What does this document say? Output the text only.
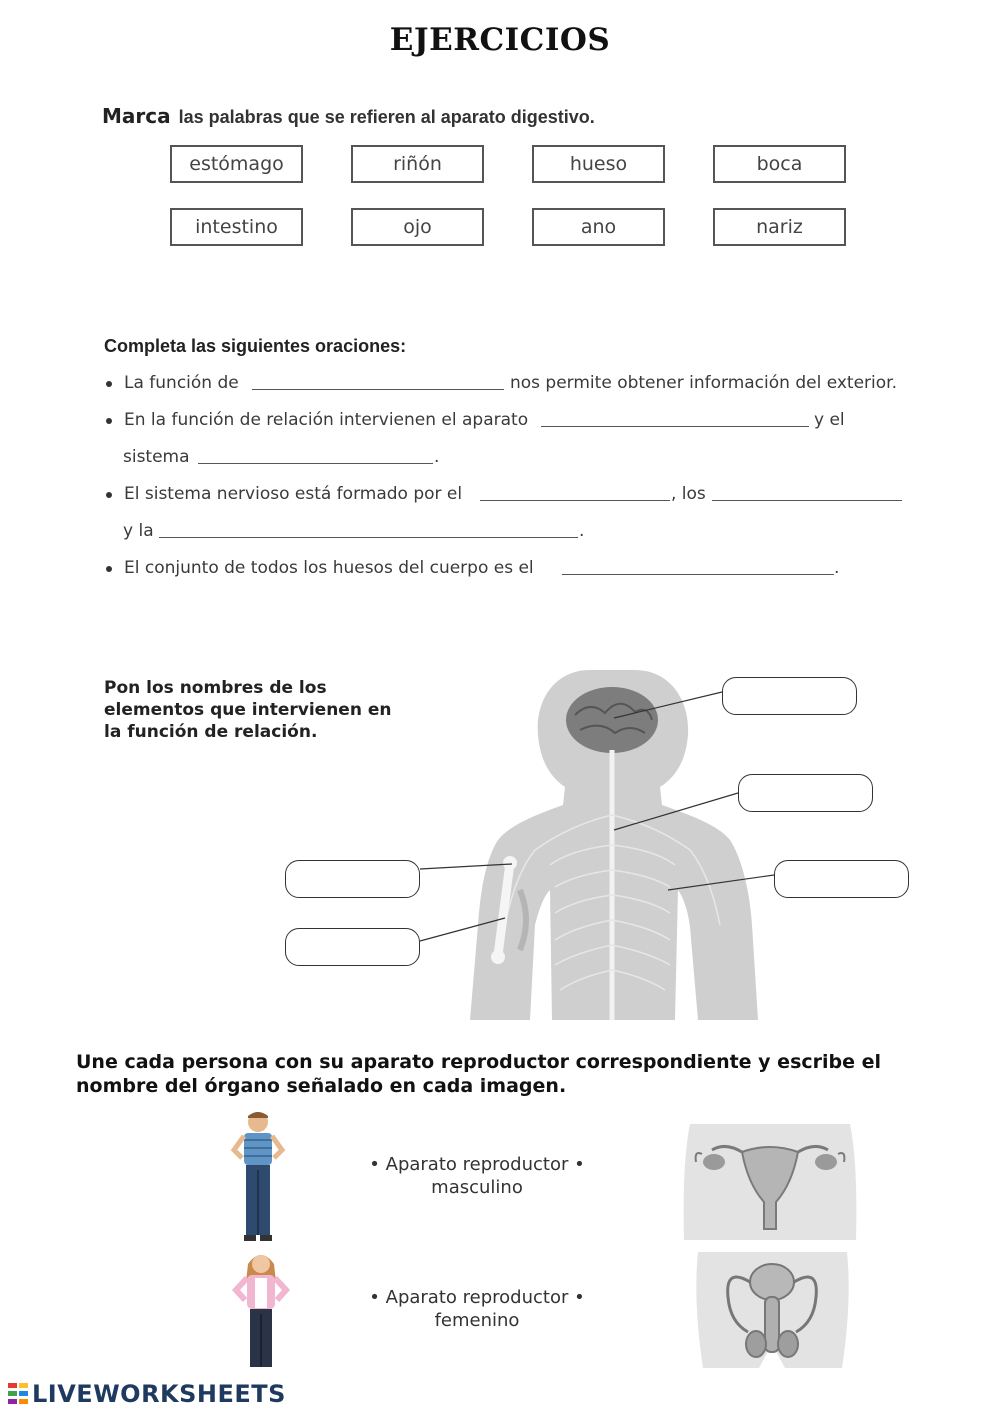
EJERCICIOS
Marca las palabras que se refieren al aparato digestivo.
estómago	riñón	hueso	boca
intestino	ojo	ano	nariz
Completa las siguientes oraciones:
La función de	nos permite obtener información del exterior.
En la función de relación intervienen el aparato	y el
sistema	.
El sistema nervioso está formado por el	, los
y la	.
El conjunto de todos los huesos del cuerpo es el	.
Pon los nombres de los elementos que intervienen en la función de relación.
Une cada persona con su aparato reproductor correspondiente y escribe el nombre del órgano señalado en cada imagen.
• Aparato reproductor •
masculino
• Aparato reproductor •
femenino
LIVEWORKSHEETS
